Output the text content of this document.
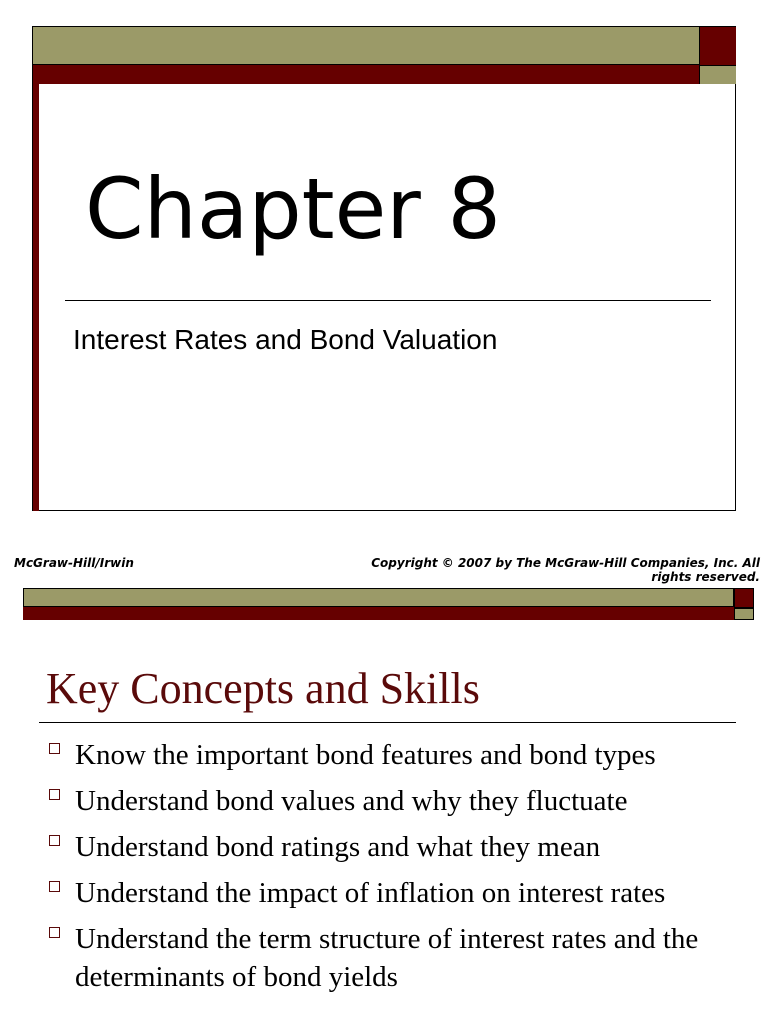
Chapter 8
Interest Rates and Bond Valuation
McGraw-Hill/Irwin	Copyright © 2007 by The McGraw-Hill Companies, Inc. All rights reserved.
Key Concepts and Skills
Know the important bond features and bond types
Understand bond values and why they fluctuate
Understand bond ratings and what they mean
Understand the impact of inflation on interest rates
Understand the term structure of interest rates and the determinants of bond yields
